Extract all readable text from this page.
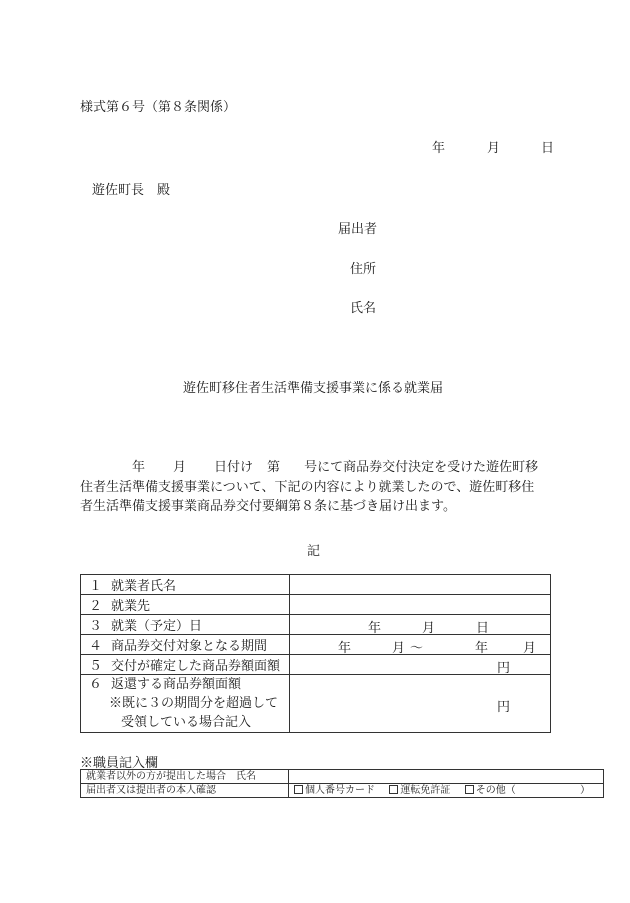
様式第６号（第８条関係）
年	月	日
遊佐町長　殿
届出者
住所
氏名
遊佐町移住者生活準備支援事業に係る就業届
年 月 日付け 第 号にて商品券交付決定を受けた遊佐町移
住者生活準備支援事業について、下記の内容により就業したので、遊佐町移住
者生活準備支援事業商品券交付要綱第８条に基づき届け出ます。
記
１ 就業者氏名	
２ 就業先	
３ 就業（予定）日	年 月 日

４ 商品券交付対象となる期間	年 月 ～ 年 月

５ 交付が確定した商品券額面額	円

６ 返還する商品券額面額
※既に３の期間分を超過して
受領している場合記入	円
※職員記入欄
就業者以外の方が提出した場合　氏名	
届出者又は提出者の本人確認	個人番号カード 運転免許証 その他（ ）
